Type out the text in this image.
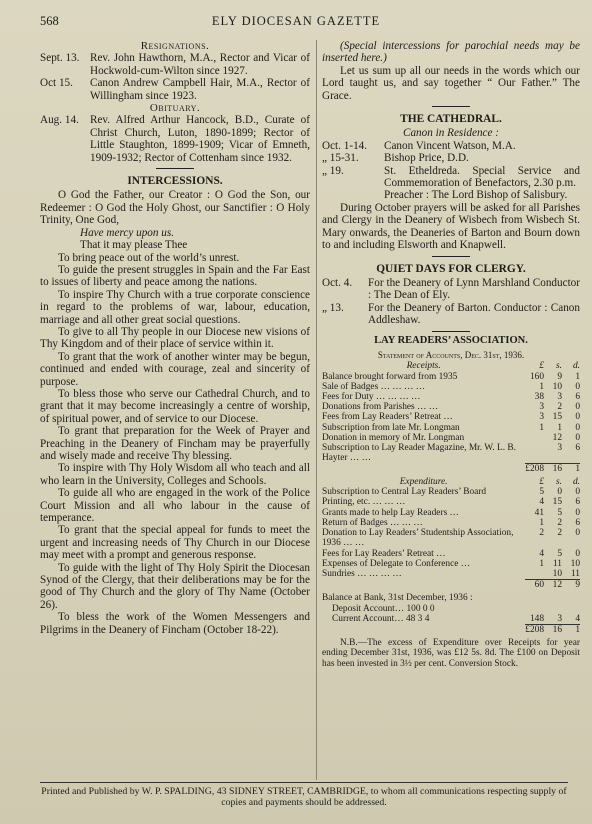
568	ELY DIOCESAN GAZETTE

Resignations.

Sept. 13. Rev. John Hawthorn, M.A., Rector and Vicar of Hockwold-cum-Wilton since 1927.
Oct 15.	Canon Andrew Campbell Hair, M.A., Rector of Willingham since 1923.

Obituary.

Aug. 14. Rev. Alfred Arthur Hancock, B.D., Curate of Christ Church, Luton, 1890-1899; Rector of Little Staughton, 1899-1909; Vicar of Emneth, 1909-1932; Rector of Cottenham since 1932.

INTERCESSIONS.

O God the Father, our Creator : O God the Son, our Redeemer : O God the Holy Ghost, our Sanctifier : O Holy Trinity, One God,

Have mercy upon us.

That it may please Thee

To bring peace out of the world’s unrest.

To guide the present struggles in Spain and the Far East to issues of liberty and peace among the nations.

To inspire Thy Church with a true corporate conscience in regard to the problems of war, labour, education, marriage and all other great social questions.

To give to all Thy people in our Diocese new visions of Thy Kingdom and of their place of service within it.

To grant that the work of another winter may be begun, continued and ended with courage, zeal and sincerity of purpose.

To bless those who serve our Cathedral Church, and to grant that it may become increasingly a centre of worship, of spiritual power, and of service to our Diocese.

To grant that preparation for the Week of Prayer and Preaching in the Deanery of Fincham may be prayerfully and wisely made and receive Thy blessing.

To inspire with Thy Holy Wisdom all who teach and all who learn in the University, Colleges and Schools.

To guide all who are engaged in the work of the Police Court Mission and all who labour in the cause of temperance.

To grant that the special appeal for funds to meet the urgent and increasing needs of Thy Church in our Diocese may meet with a prompt and generous response.

To guide with the light of Thy Holy Spirit the Diocesan Synod of the Clergy, that their deliberations may be for the good of Thy Church and the glory of Thy Name (October 26).

To bless the work of the Women Messengers and Pilgrims in the Deanery of Fincham (October 18-22).

(Special intercessions for parochial needs may be inserted here.)

Let us sum up all our needs in the words which our Lord taught us, and say together “ Our Father.” The Grace.

THE CATHEDRAL.

Canon in Residence :

Oct. 1-14.	Canon Vincent Watson, M.A.
„ 15-31.	Bishop Price, D.D.
„ 19.	St. Etheldreda. Special Service and Commemoration of Benefactors, 2.30 p.m.

Preacher : The Lord Bishop of Salisbury.

During October prayers will be asked for all Parishes and Clergy in the Deanery of Wisbech from Wisbech St. Mary onwards, the Deaneries of Barton and Bourn down to and including Elsworth and Knapwell.

QUIET DAYS FOR CLERGY.

Oct. 4.	For the Deanery of Lynn Marshland Conductor : The Dean of Ely.
„ 13.	For the Deanery of Barton. Conductor : Canon Addleshaw.

LAY READERS’ ASSOCIATION.

Statement of Accounts, Dec. 31st, 1936.

Receipts.	£	s.	d.
Balance brought forward from 1935	160	9	1
Sale of Badges … … … …	1	10	0
Fees for Duty … … … …	38	3	6
Donations from Parishes … …	3	2	0
Fees from Lay Readers’ Retreat …	3	15	0
Subscription from late Mr. Longman	1	1	0
Donation in memory of Mr. Longman		12	0
Subscription to Lay Reader Magazine, Mr. W. L. B. Hayter … …		3	6
	£208	16	1
Expenditure.	£	s.	d.
Subscription to Central Lay Readers’ Board	5	0	0
Printing, etc. … … …	4	15	6
Grants made to help Lay Readers …	41	5	0
Return of Badges … … …	1	2	6
Donation to Lay Readers’ Studentship Association, 1936 … …	2	2	0
Fees for Lay Readers’ Retreat …	4	5	0
Expenses of Delegate to Conference …	1	11	10
Sundries … … … …		10	11
	60	12	9
Balance at Bank, 31st December, 1936 :			
Deposit Account… 100 0 0			
Current Account… 48 3 4	148	3	4
	£208	16	1

N.B.—The excess of Expenditure over Receipts for year ending December 31st, 1936, was £12 5s. 8d. The £100 on Deposit has been invested in 3½ per cent. Conversion Stock.

Printed and Published by W. P. SPALDING, 43 SIDNEY STREET, CAMBRIDGE, to whom all communications respecting supply of copies and payments should be addressed.
